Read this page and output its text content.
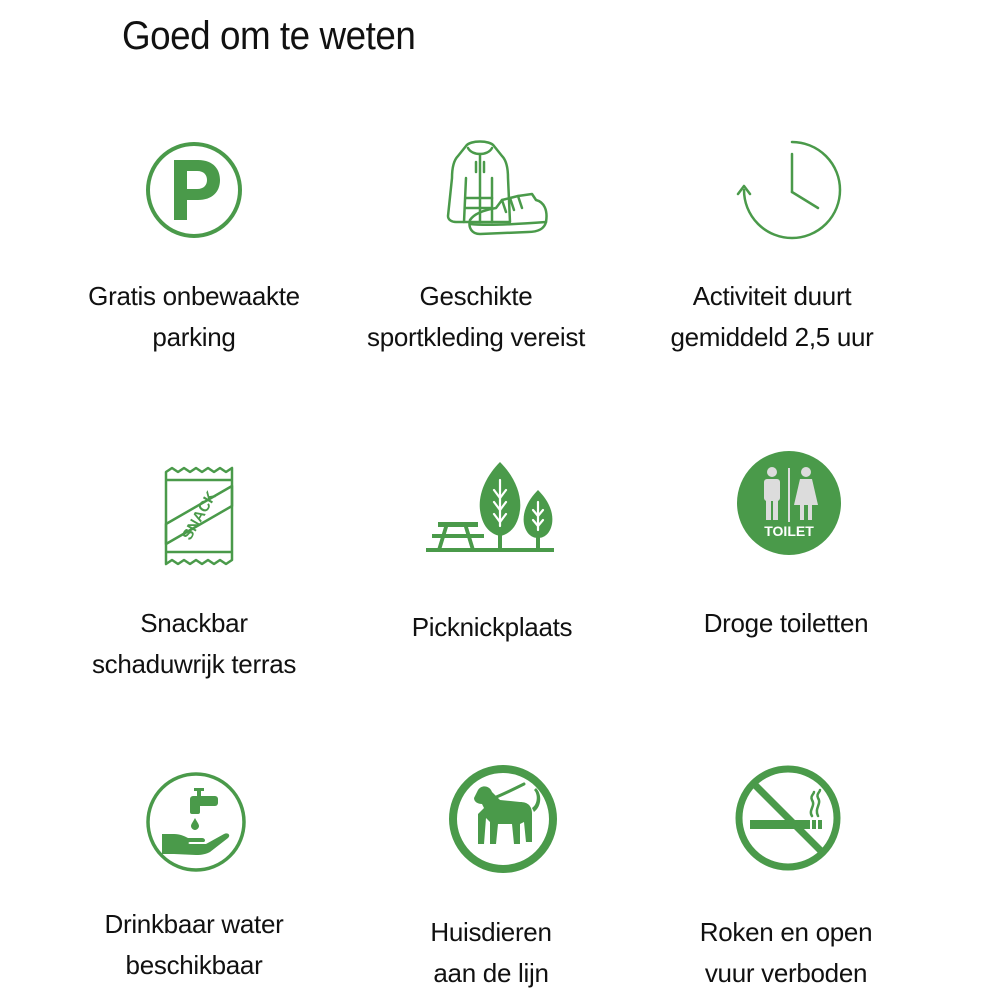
Goed om te weten
Gratis onbewaakte
parking
Geschikte
sportkleding vereist
Activiteit duurt
gemiddeld 2,5 uur
SNACK
Snackbar
schaduwrijk terras
Picknickplaats
TOILET
Droge toiletten
Drinkbaar water
beschikbaar
Huisdieren
aan de lijn
Roken en open
vuur verboden
